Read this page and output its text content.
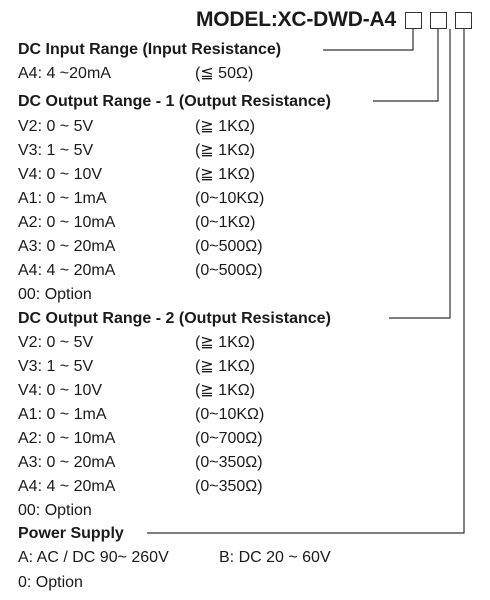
MODEL:XC-DWD-A4
DC Input Range (Input Resistance)
A4: 4 ~20mA	(≦ 50Ω)
DC Output Range - 1 (Output Resistance)
V2: 0 ~ 5V	(≧ 1KΩ)
V3: 1 ~ 5V	(≧ 1KΩ)
V4: 0 ~ 10V	(≧ 1KΩ)
A1: 0 ~ 1mA	(0~10KΩ)
A2: 0 ~ 10mA	(0~1KΩ)
A3: 0 ~ 20mA	(0~500Ω)
A4: 4 ~ 20mA	(0~500Ω)
00: Option
DC Output Range - 2 (Output Resistance)
V2: 0 ~ 5V	(≧ 1KΩ)
V3: 1 ~ 5V	(≧ 1KΩ)
V4: 0 ~ 10V	(≧ 1KΩ)
A1: 0 ~ 1mA	(0~10KΩ)
A2: 0 ~ 10mA	(0~700Ω)
A3: 0 ~ 20mA	(0~350Ω)
A4: 4 ~ 20mA	(0~350Ω)
00: Option
Power Supply
A: AC / DC 90~ 260V	B: DC 20 ~ 60V
0: Option
